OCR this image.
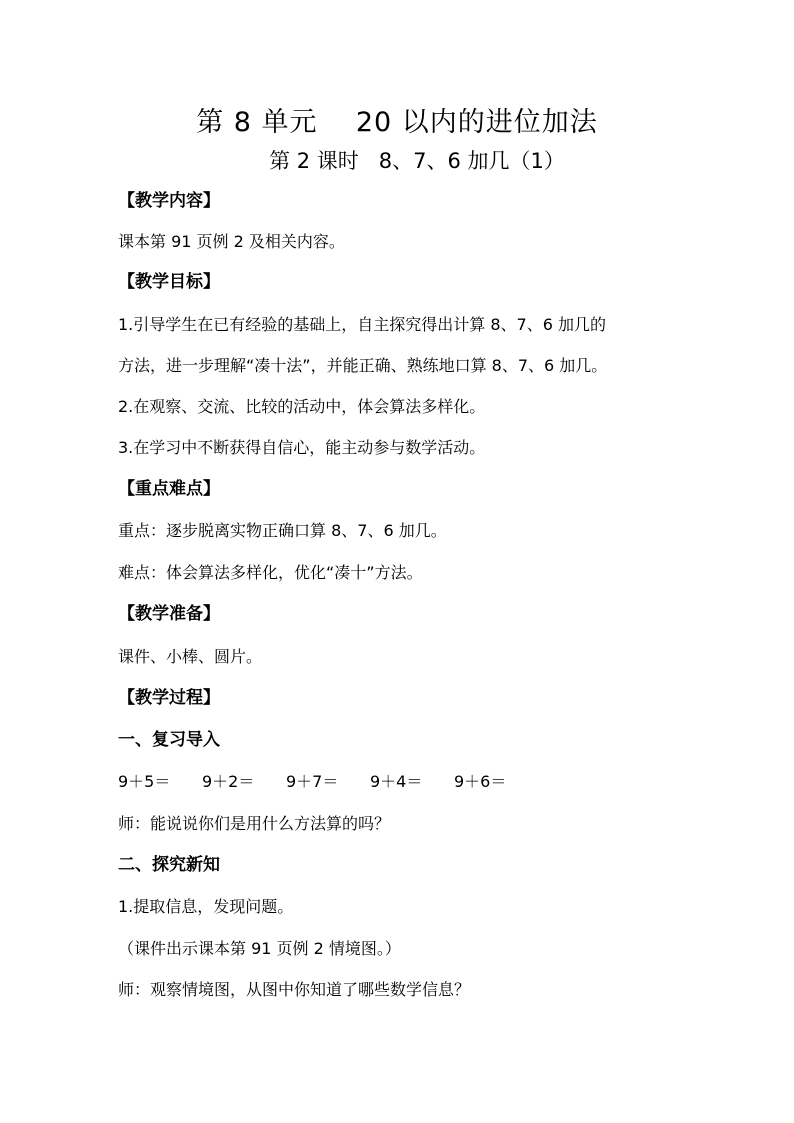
第 8 单元    20 以内的进位加法
第 2 课时   8、7、6 加几（1）
【教学内容】
课本第 91 页例 2 及相关内容。
【教学目标】
1.引导学生在已有经验的基础上，自主探究得出计算 8、7、6 加几的
方法，进一步理解“凑十法”，并能正确、熟练地口算 8、7、6 加几。
2.在观察、交流、比较的活动中，体会算法多样化。
3.在学习中不断获得自信心，能主动参与数学活动。
【重点难点】
重点：逐步脱离实物正确口算 8、7、6 加几。
难点：体会算法多样化，优化“凑十”方法。
【教学准备】
课件、小棒、圆片。
【教学过程】
一、复习导入
9＋5＝	9＋2＝	9＋7＝	9＋4＝	9＋6＝
师：能说说你们是用什么方法算的吗？
二、探究新知
1.提取信息，发现问题。
（课件出示课本第 91 页例 2 情境图。）
师：观察情境图，从图中你知道了哪些数学信息？
